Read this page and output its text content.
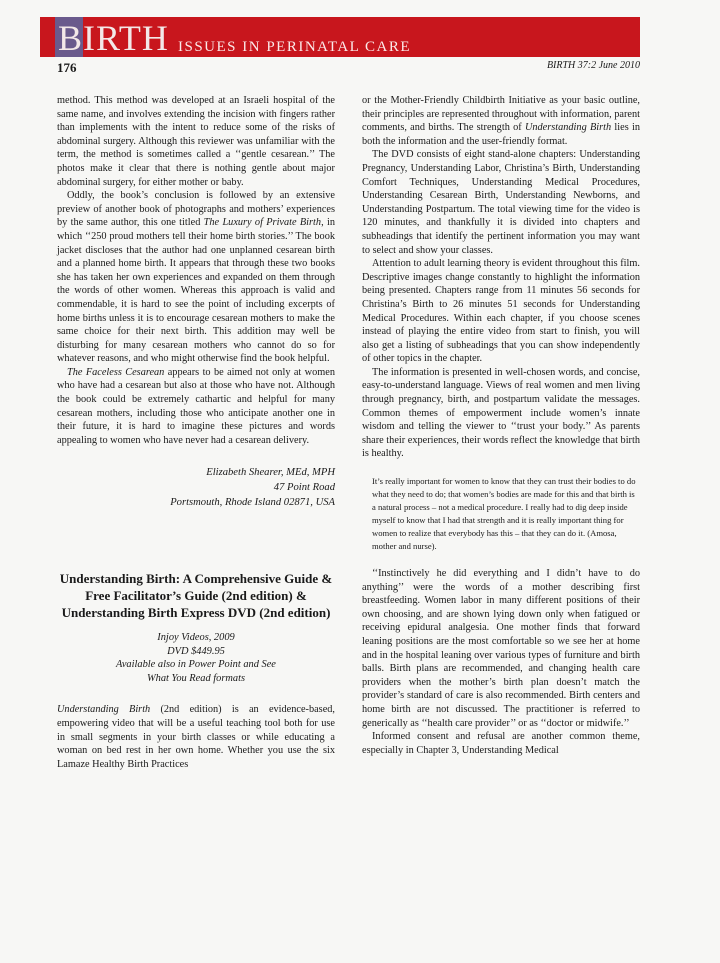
BIRTH ISSUES IN PERINATAL CARE
176	BIRTH 37:2 June 2010

method. This method was developed at an Israeli hospital of the same name, and involves extending the incision with fingers rather than implements with the intent to reduce some of the risks of abdominal surgery. Although this reviewer was unfamiliar with the term, the method is sometimes called a ‘‘gentle cesarean.’’ The photos make it clear that there is nothing gentle about major abdominal surgery, for either mother or baby.

Oddly, the book’s conclusion is followed by an extensive preview of another book of photographs and mothers’ experiences by the same author, this one titled The Luxury of Private Birth, in which ‘‘250 proud mothers tell their home birth stories.’’ The book jacket discloses that the author had one unplanned cesarean birth and a planned home birth. It appears that through these two books she has taken her own experiences and expanded on them through the words of other women. Whereas this approach is valid and commendable, it is hard to see the point of including excerpts of home births unless it is to encourage cesarean mothers to make the same choice for their next birth. This addition may well be disturbing for many cesarean mothers who cannot do so for whatever reasons, and who might otherwise find the book helpful.

The Faceless Cesarean appears to be aimed not only at women who have had a cesarean but also at those who have not. Although the book could be extremely cathartic and helpful for many cesarean mothers, including those who anticipate another one in their future, it is hard to imagine these pictures and words appealing to women who have never had a cesarean delivery.

Elizabeth Shearer, MEd, MPH
47 Point Road
Portsmouth, Rhode Island 02871, USA
Understanding Birth: A Comprehensive Guide & Free Facilitator’s Guide (2nd edition) & Understanding Birth Express DVD (2nd edition)
Injoy Videos, 2009
DVD $449.95
Available also in Power Point and See
What You Read formats

Understanding Birth (2nd edition) is an evidence-based, empowering video that will be a useful teaching tool both for use in small segments in your birth classes or while educating a woman on bed rest in her own home. Whether you use the six Lamaze Healthy Birth Practices

or the Mother-Friendly Childbirth Initiative as your basic outline, their principles are represented throughout with information, parent comments, and births. The strength of Understanding Birth lies in both the information and the user-friendly format.

The DVD consists of eight stand-alone chapters: Understanding Pregnancy, Understanding Labor, Christina’s Birth, Understanding Comfort Techniques, Understanding Medical Procedures, Understanding Cesarean Birth, Understanding Newborns, and Understanding Postpartum. The total viewing time for the video is 120 minutes, and thankfully it is divided into chapters and subheadings that identify the pertinent information you may want to select and show your classes.

Attention to adult learning theory is evident throughout this film. Descriptive images change constantly to highlight the information being presented. Chapters range from 11 minutes 56 seconds for Christina’s Birth to 26 minutes 51 seconds for Understanding Medical Procedures. Within each chapter, if you choose scenes instead of playing the entire video from start to finish, you will also get a listing of subheadings that you can show independently of other topics in the chapter.

The information is presented in well-chosen words, and concise, easy-to-understand language. Views of real women and men living through pregnancy, birth, and postpartum validate the messages. Common themes of empowerment include women’s innate wisdom and telling the viewer to ‘‘trust your body.’’ As parents share their experiences, their words reflect the knowledge that birth is healthy.

It’s really important for women to know that they can trust their bodies to do what they need to do; that women’s bodies are made for this and that birth is a natural process – not a medical procedure. I really had to dig deep inside myself to know that I had that strength and it is really important thing for women to realize that everybody has this – that they can do it. (Amosa, mother and nurse).

‘‘Instinctively he did everything and I didn’t have to do anything’’ were the words of a mother describing first breastfeeding. Women labor in many different positions of their own choosing, and are shown lying down only when fatigued or receiving epidural analgesia. One mother finds that forward leaning positions are the most comfortable so we see her at home and in the hospital leaning over various types of furniture and birth balls. Birth plans are recommended, and changing health care providers when the mother’s birth plan doesn’t match the provider’s standard of care is also recommended. Birth centers and home birth are not discussed. The practitioner is referred to generically as ‘‘health care provider’’ or as ‘‘doctor or midwife.’’

Informed consent and refusal are another common theme, especially in Chapter 3, Understanding Medical
